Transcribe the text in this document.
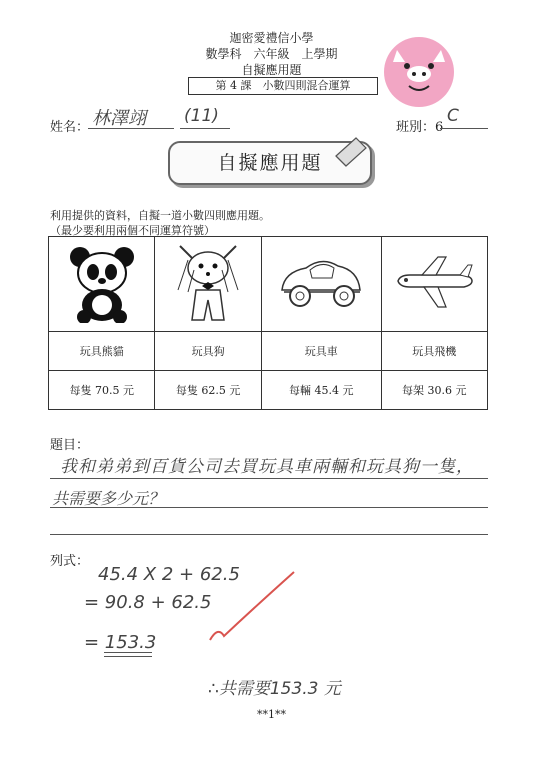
迦密愛禮信小學
數學科　六年級　上學期
自擬應用題
第 4 課　小數四則混合運算
姓名： 林澤翊 (11)
班別：6
C
自擬應用題
利用提供的資料，自擬一道小數四則應用題。
（最少要利用兩個不同運算符號）

玩具熊貓	玩具狗	玩具車	玩具飛機
每隻 70.5 元	每隻 62.5 元	每輛 45.4 元	每架 30.6 元
題目：
我和弟弟到百貨公司去買玩具車兩輛和玩具狗一隻，
共需要多少元？
列式：
45.4 X 2 + 62.5
= 90.8 + 62.5
= 153.3
∴共需要153.3 元
**1**
